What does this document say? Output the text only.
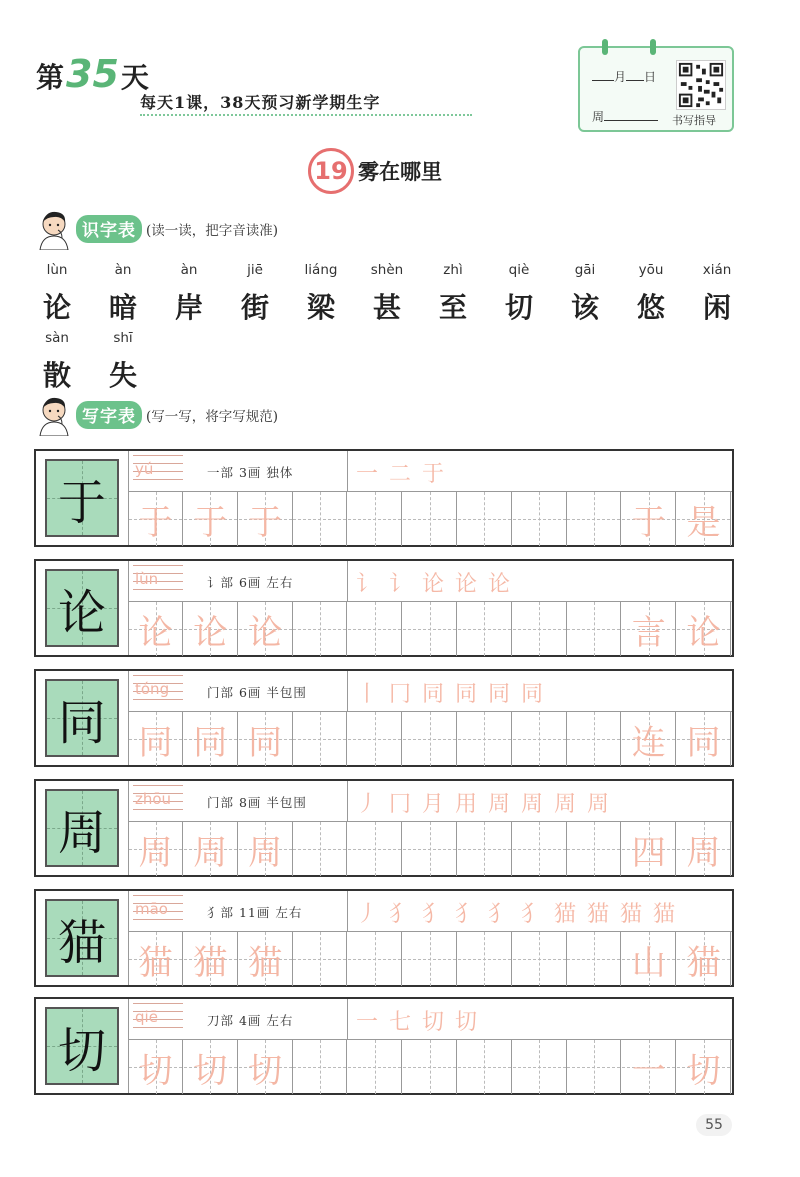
第 35 天
每天1课，38天预习新学期生字
月 日
周	书写指导
19 雾在哪里
识字表 (读一读，把字音读准)
lùn
论
àn
暗
àn
岸
jiē
街
liáng
梁
shèn
甚
zhì
至
qiè
切
gāi
该
yōu
悠
xián
闲
sàn
散
shī
失
写字表 (写一写，将字写规范)
于
yú	一部 3画 独体	一 二 于
于 于 于	于 是
论
lùn	讠部 6画 左右	讠 讠 论 论 论
论 论 论	言 论
同
tóng	门部 6画 半包围 丨 冂 同 同 同 同
同 同 同	连 同
周
zhōu	门部 8画 半包围 丿 冂 月 用 周 周 周 周
周 周 周	四 周
猫
māo	犭部 11画 左右 丿 犭 犭 犭 犭 犭 猫 猫 猫 猫
猫 猫 猫	山 猫
切
qiē	刀部 4画 左右	一 七 切 切
切 切 切	一 切
55
